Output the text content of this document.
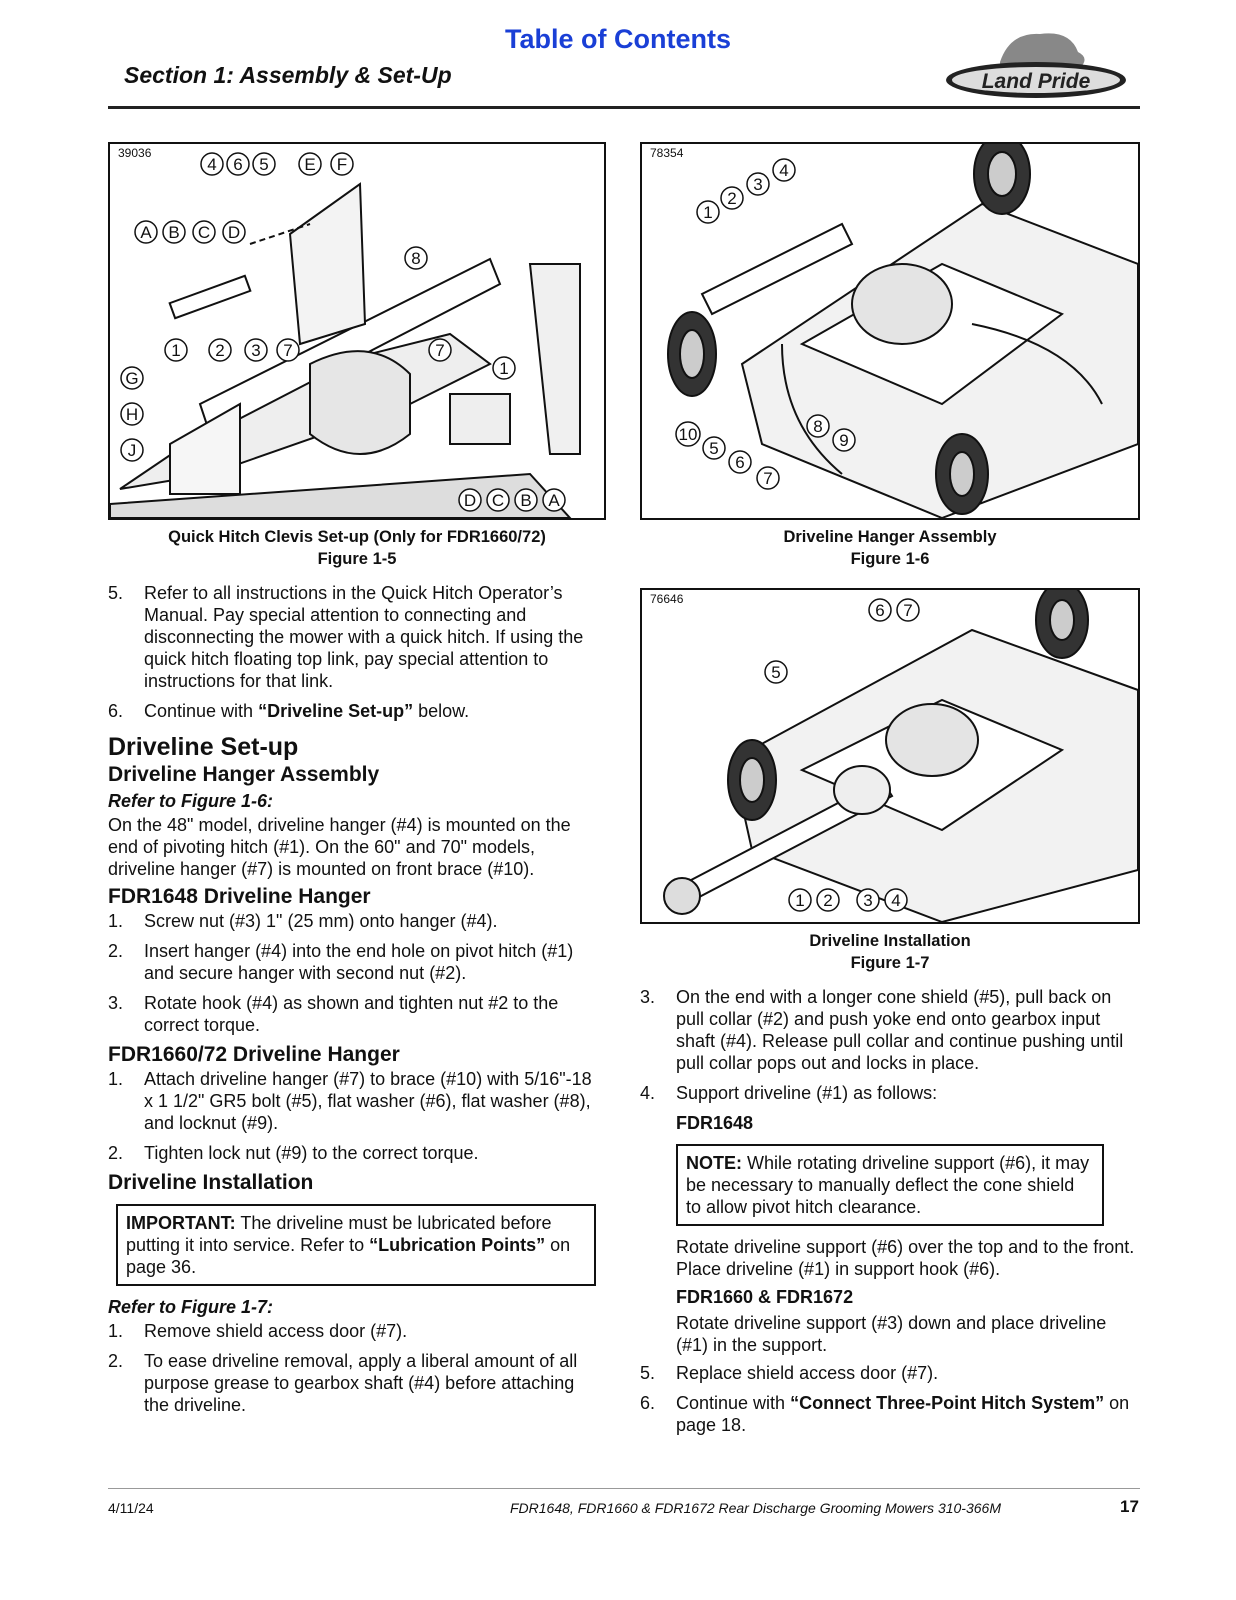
Table of Contents
Section 1: Assembly & Set-Up	Land Pride
39036
4 6 5 E F
A B C D
8
1 2 3 7	7
1
G
H
J
D C B A
Quick Hitch Clevis Set-up (Only for FDR1660/72)
Figure 1-5
78354
4
3
2
1
10
5
6
7
8
9
Driveline Hanger Assembly
Figure 1-6
76646
6 7
5
1 2 3 4
Driveline Installation
Figure 1-7
5. Refer to all instructions in the Quick Hitch Operator’s Manual. Pay special attention to connecting and disconnecting the mower with a quick hitch. If using the quick hitch floating top link, pay special attention to instructions for that link.
6. Continue with “Driveline Set-up” below.
Driveline Set-up
Driveline Hanger Assembly
Refer to Figure 1-6:
On the 48" model, driveline hanger (#4) is mounted on the end of pivoting hitch (#1). On the 60" and 70" models, driveline hanger (#7) is mounted on front brace (#10).
FDR1648 Driveline Hanger
1. Screw nut (#3) 1" (25 mm) onto hanger (#4).
2. Insert hanger (#4) into the end hole on pivot hitch (#1) and secure hanger with second nut (#2).
3. Rotate hook (#4) as shown and tighten nut #2 to the correct torque.
FDR1660/72 Driveline Hanger
1. Attach driveline hanger (#7) to brace (#10) with 5/16"-18 x 1 1/2" GR5 bolt (#5), flat washer (#6), flat washer (#8), and locknut (#9).
2. Tighten lock nut (#9) to the correct torque.
Driveline Installation
IMPORTANT: The driveline must be lubricated before putting it into service. Refer to “Lubrication Points” on page 36.
Refer to Figure 1-7:
1. Remove shield access door (#7).
2. To ease driveline removal, apply a liberal amount of all purpose grease to gearbox shaft (#4) before attaching the driveline.
3. On the end with a longer cone shield (#5), pull back on pull collar (#2) and push yoke end onto gearbox input shaft (#4). Release pull collar and continue pushing until pull collar pops out and locks in place.
4. Support driveline (#1) as follows:
FDR1648
NOTE: While rotating driveline support (#6), it may be necessary to manually deflect the cone shield to allow pivot hitch clearance.
Rotate driveline support (#6) over the top and to the front. Place driveline (#1) in support hook (#6).
FDR1660 & FDR1672
Rotate driveline support (#3) down and place driveline (#1) in the support.
5. Replace shield access door (#7).
6. Continue with “Connect Three-Point Hitch System” on page 18.
4/11/24	FDR1648, FDR1660 & FDR1672 Rear Discharge Grooming Mowers 310-366M	17
